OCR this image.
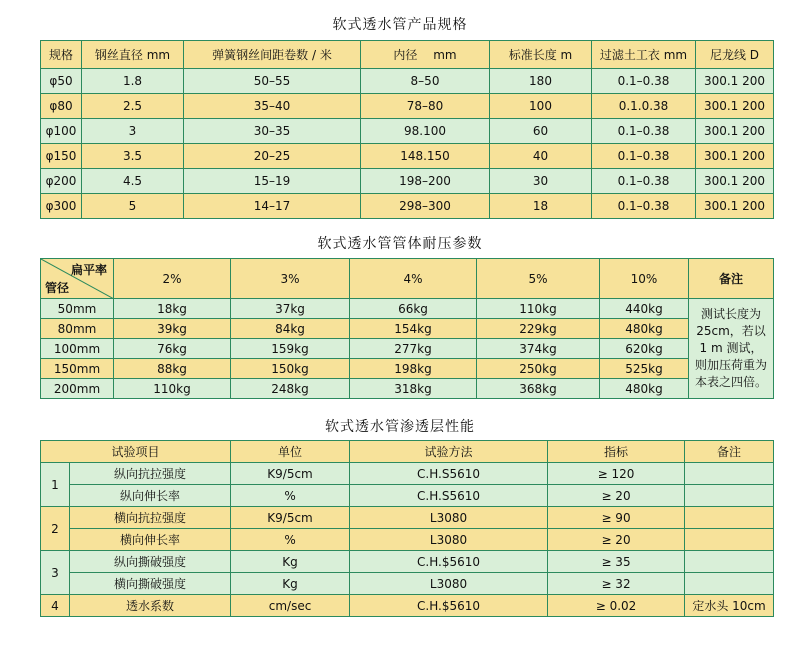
软式透水管产品规格
规格	钢丝直径 mm	弹簧钢丝间距卷数 / 米	内径　 mm	标准长度 m	过滤土工衣 mm	尼龙线 D
φ50	1.8	50–55	8–50	180	0.1–0.38	300.1 200
φ80	2.5	35–40	78–80	100	0.1.0.38	300.1 200
φ100	3	30–35	98.100	60	0.1–0.38	300.1 200
φ150	3.5	20–25	148.150	40	0.1–0.38	300.1 200
φ200	4.5	15–19	198–200	30	0.1–0.38	300.1 200
φ300	5	14–17	298–300	18	0.1–0.38	300.1 200
软式透水管管体耐压参数
扁平率
管径	2%	3%	4%	5%	10%	备注
50mm	18kg	37kg	66kg	110kg	440kg	测试长度为 25cm，若以 1 m 测试，则加压荷重为本表之四倍。
80mm	39kg	84kg	154kg	229kg	480kg	
100mm	76kg	159kg	277kg	374kg	620kg	
150mm	88kg	150kg	198kg	250kg	525kg	
200mm	110kg	248kg	318kg	368kg	480kg	
软式透水管渗透层性能
试验项目		单位	试验方法	指标	备注
1	纵向抗拉强度	K9/5cm	C.H.S5610	≥ 120	
	纵向伸长率	%	C.H.S5610	≥ 20	
2	横向抗拉强度	K9/5cm	L3080	≥ 90	
	横向伸长率	%	L3080	≥ 20	
3	纵向撕破强度	Kg	C.H.$5610	≥ 35	
	横向撕破强度	Kg	L3080	≥ 32	
4	透水系数	cm/sec	C.H.$5610	≥ 0.02	定水头 10cm
